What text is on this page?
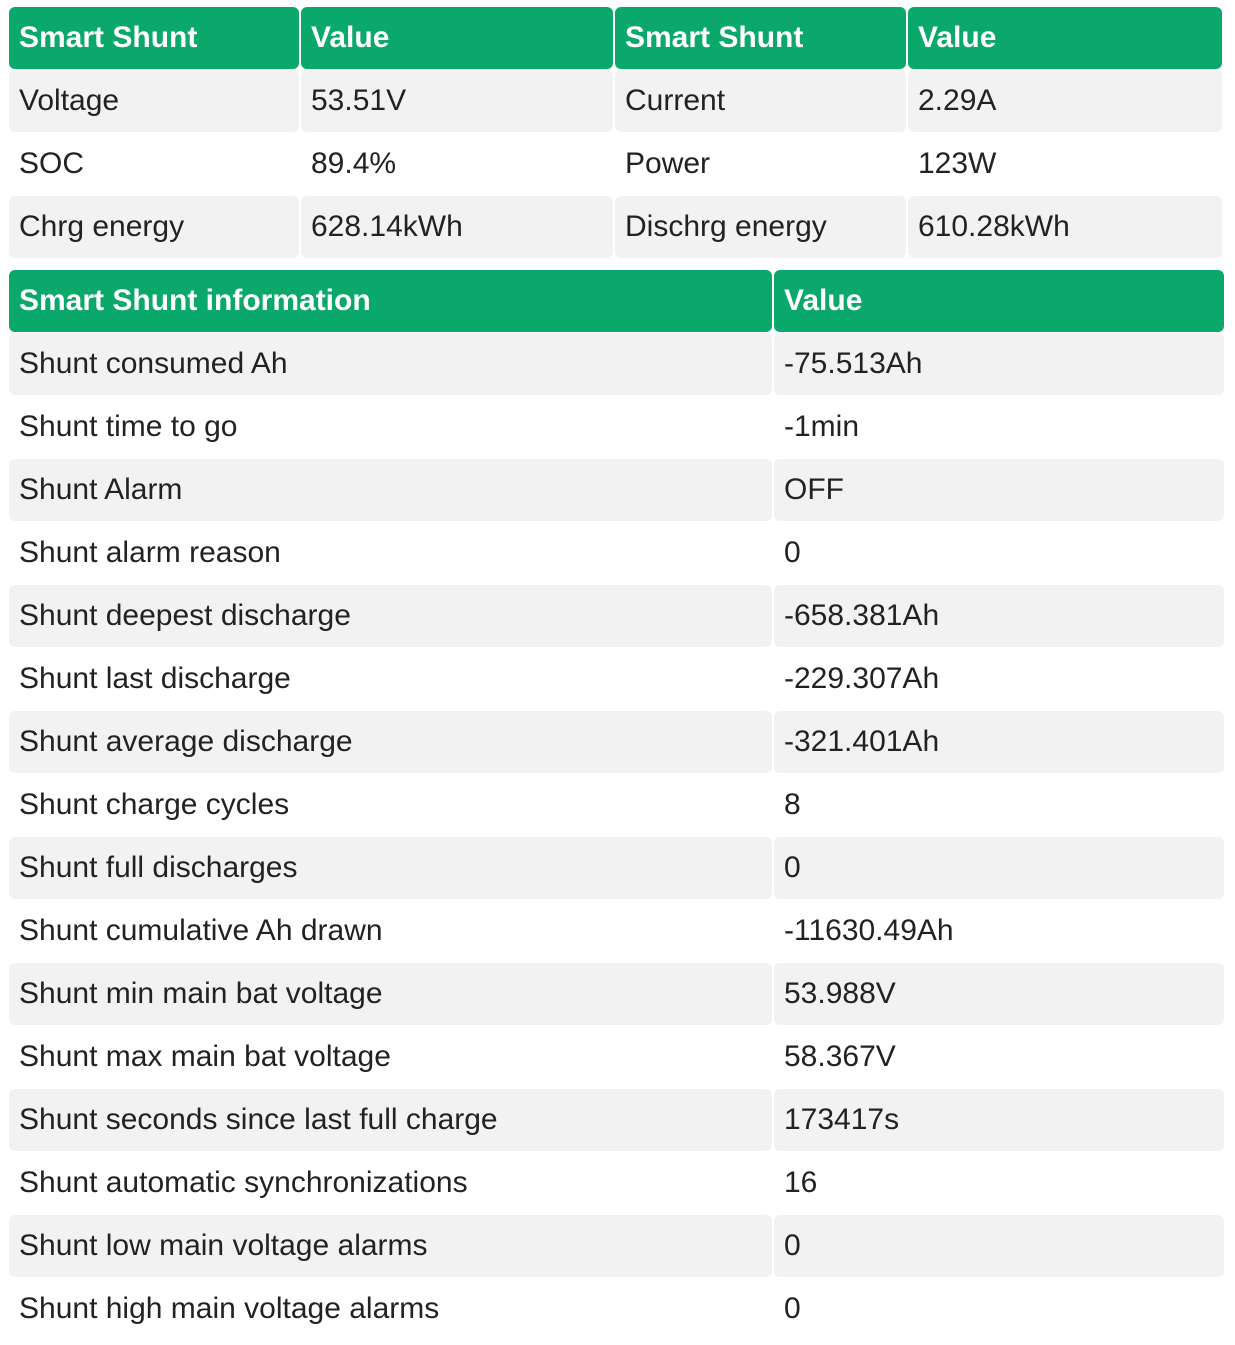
Smart Shunt	Value	Smart Shunt	Value
Voltage	53.51V	Current	2.29A
SOC	89.4%	Power	123W
Chrg energy	628.14kWh	Dischrg energy	610.28kWh
Smart Shunt information	Value
Shunt consumed Ah	-75.513Ah
Shunt time to go	-1min
Shunt Alarm	OFF
Shunt alarm reason	0
Shunt deepest discharge	-658.381Ah
Shunt last discharge	-229.307Ah
Shunt average discharge	-321.401Ah
Shunt charge cycles	8
Shunt full discharges	0
Shunt cumulative Ah drawn	-11630.49Ah
Shunt min main bat voltage	53.988V
Shunt max main bat voltage	58.367V
Shunt seconds since last full charge	173417s
Shunt automatic synchronizations	16
Shunt low main voltage alarms	0
Shunt high main voltage alarms	0
